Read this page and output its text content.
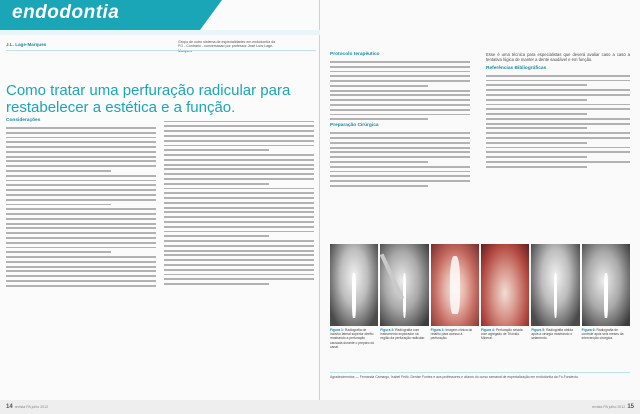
endodontia
J.L. Lage-Marques	Grupo de outro sistema de especialidades em endodontia da FO - Contrario - conversacao por professor José Luís Lage-
Como tratar uma perfuração radicular para restabelecer a estética e a função.
Considerações
14 revista PA julho 2012
Protocolo terapêutico
Preparação Cirúrgica

Esse é uma técnica para especialistas que deverá avaliar caso a caso a tentativa lógica de manter a dente saudável e em função.

Referências Bibliográficas
Figura 1: Radiografia de incisivo lateral superior direito mostrando a perfuração causada durante o preparo do canal.
Figura 2: Radiografia com instrumento explorador na região da perfuração radicular.
Figura 3: Imagem clínica do retalho para acesso à perfuração.
Figura 4: Perfuração selada com agregado de Trióxido Mineral.
Figura 5: Radiografia obtida após a cirurgia mostrando o selamento.
Figura 6: Radiografia de controle após seis meses da intervenção cirúrgica.
Agradecimentos — Fernanda Camargo, Isabel Feitó, Denise Fontes e aos professores e alunos do curso semanal de especialização em endodontia da Fo-Fundecto.
revista PA julho 2012 15
